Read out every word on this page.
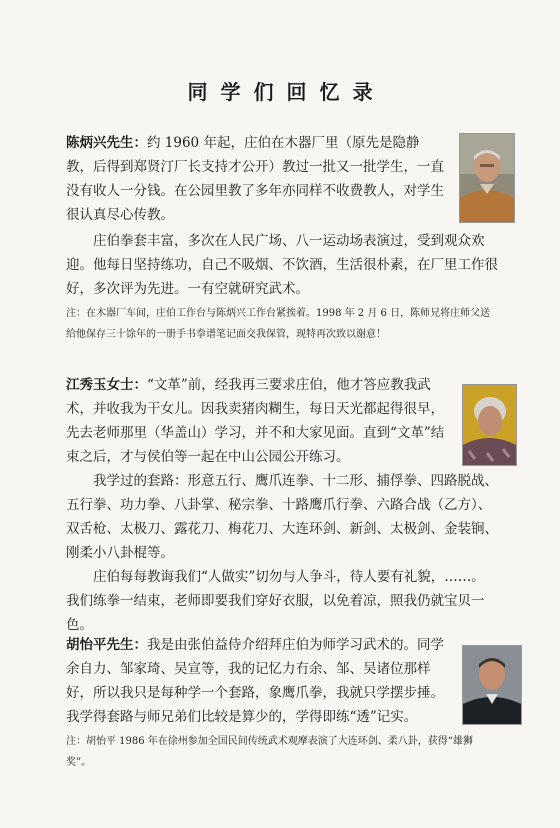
同学们回忆录

陈炳兴先生：约 1960 年起，庄伯在木器厂里（原先是隐静教，后得到郑贤汀厂长支持才公开）教过一批又一批学生，一直没有收人一分钱。在公园里教了多年亦同样不收费教人，对学生很认真尽心传教。

庄伯拳套丰富，多次在人民广场、八一运动场表演过，受到观众欢迎。他每日坚持练功，自己不吸烟、不饮酒，生活很朴素，在厂里工作很好，多次评为先进。一有空就研究武术。

注：在木器厂车间，庄伯工作台与陈炳兴工作台紧挨着。1998 年 2 月 6 日，陈师兄将庄师父送给他保存三十馀年的一册手书拳谱笔记面交我保管，现特再次致以谢意！

江秀玉女士：“文革”前，经我再三要求庄伯，他才答应教我武术，并收我为干女儿。因我卖猪肉糊生，每日天光都起得很早，先去老师那里（华盖山）学习，并不和大家见面。直到“文革”结束之后，才与侯伯等一起在中山公园公开练习。

我学过的套路：形意五行、鹰爪连拳、十二形、捕俘拳、四路脱战、五行拳、功力拳、八卦掌、秘宗拳、十路鹰爪行拳、六路合战（乙方）、双舌枪、太极刀、露花刀、梅花刀、大连环剑、新剑、太极剑、金装锏、刚柔小八卦棍等。

庄伯每每教诲我们“人做实”切勿与人争斗，待人要有礼貌，……。我们练拳一结束，老师即要我们穿好衣服，以免着凉，照我仍就宝贝一色。

胡怡平先生：我是由张伯益侍介绍拜庄伯为师学习武术的。同学余自力、邹家琦、吴宣等，我的记忆力冇余、邹、吴诸位那样好，所以我只是每种学一个套路，象鹰爪拳，我就只学摆步捶。我学得套路与师兄弟们比较是算少的，学得即练“透”记实。

注：胡怡平 1986 年在徐州参加全国民间传统武术观摩表演了大连环剑、柔八卦，获得“雄狮奖”。
